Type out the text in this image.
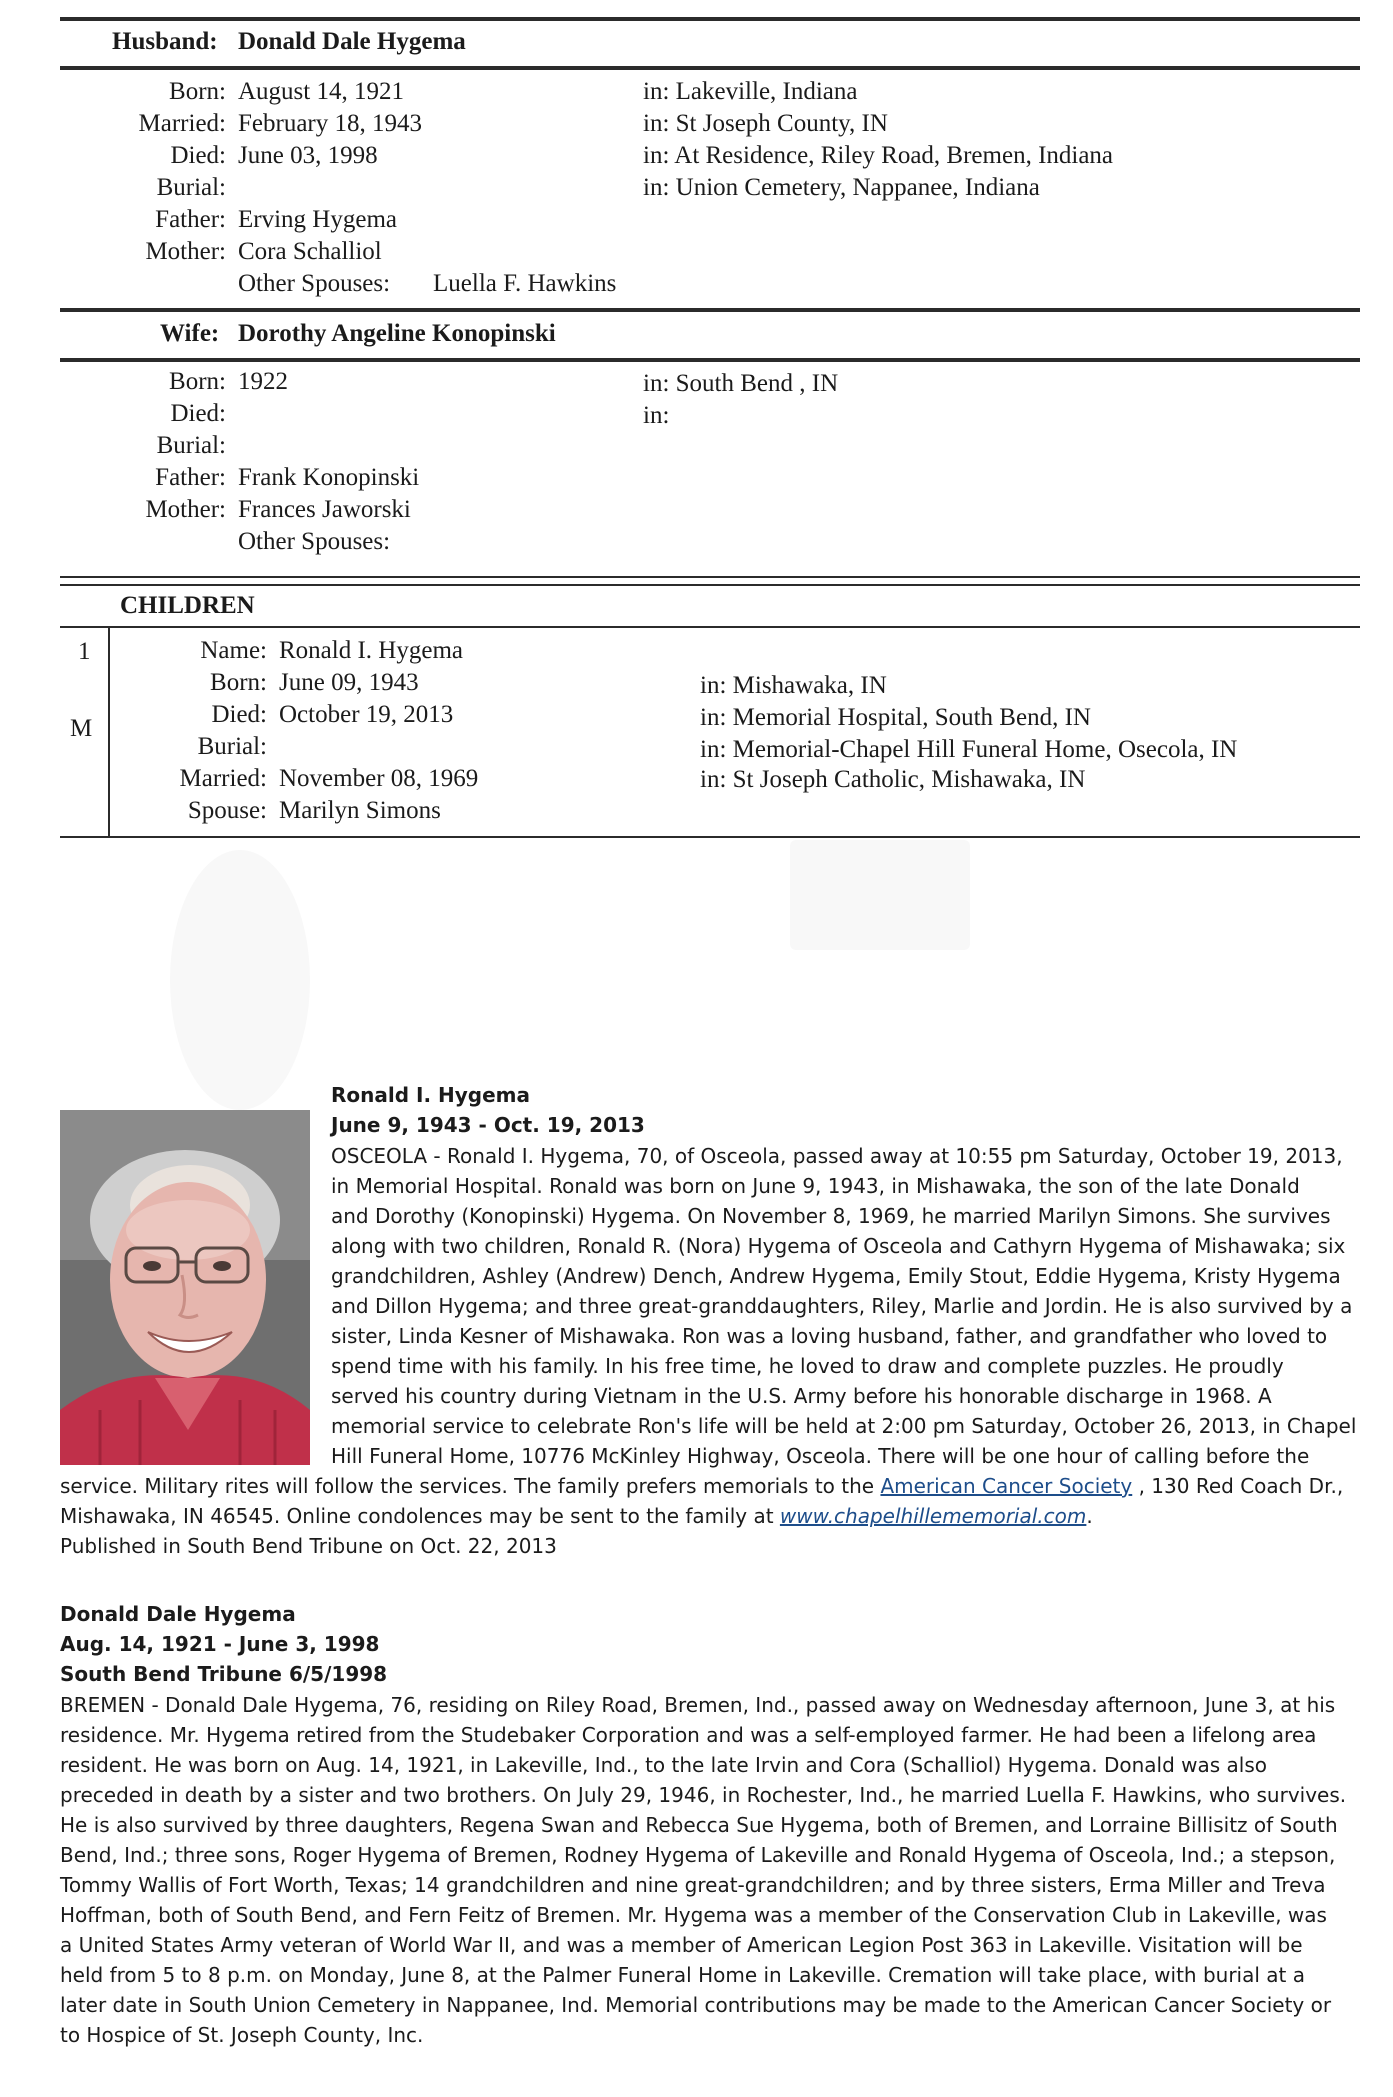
Husband: Donald Dale Hygema
Born: August 14, 1921	in: Lakeville, Indiana
Married: February 18, 1943	in: St Joseph County, IN
Died: June 03, 1998	in: At Residence, Riley Road, Bremen, Indiana
Burial:	in: Union Cemetery, Nappanee, Indiana
Father: Erving Hygema
Mother: Cora Schalliol
Other Spouses: Luella F. Hawkins
Wife: Dorothy Angeline Konopinski
Born: 1922	in: South Bend , IN
Died:	in:
Burial:
Father: Frank Konopinski
Mother: Frances Jaworski
Other Spouses:
CHILDREN
1
M
Name: Ronald I. Hygema
Born: June 09, 1943	in: Mishawaka, IN
Died: October 19, 2013	in: Memorial Hospital, South Bend, IN
Burial:	in: Memorial-Chapel Hill Funeral Home, Osecola, IN
Married: November 08, 1969	in: St Joseph Catholic, Mishawaka, IN
Spouse: Marilyn Simons
Ronald I. Hygema
June 9, 1943 - Oct. 19, 2013
OSCEOLA - Ronald I. Hygema, 70, of Osceola, passed away at 10:55 pm Saturday, October 19, 2013,
in Memorial Hospital. Ronald was born on June 9, 1943, in Mishawaka, the son of the late Donald
and Dorothy (Konopinski) Hygema. On November 8, 1969, he married Marilyn Simons. She survives
along with two children, Ronald R. (Nora) Hygema of Osceola and Cathyrn Hygema of Mishawaka; six
grandchildren, Ashley (Andrew) Dench, Andrew Hygema, Emily Stout, Eddie Hygema, Kristy Hygema
and Dillon Hygema; and three great-granddaughters, Riley, Marlie and Jordin. He is also survived by a
sister, Linda Kesner of Mishawaka. Ron was a loving husband, father, and grandfather who loved to
spend time with his family. In his free time, he loved to draw and complete puzzles. He proudly
served his country during Vietnam in the U.S. Army before his honorable discharge in 1968. A
memorial service to celebrate Ron's life will be held at 2:00 pm Saturday, October 26, 2013, in Chapel
Hill Funeral Home, 10776 McKinley Highway, Osceola. There will be one hour of calling before the
service. Military rites will follow the services. The family prefers memorials to the American Cancer Society , 130 Red Coach Dr.,
Mishawaka, IN 46545. Online condolences may be sent to the family at www.chapelhillememorial.com.
Published in South Bend Tribune on Oct. 22, 2013
Donald Dale Hygema
Aug. 14, 1921 - June 3, 1998
South Bend Tribune 6/5/1998
BREMEN - Donald Dale Hygema, 76, residing on Riley Road, Bremen, Ind., passed away on Wednesday afternoon, June 3, at his
residence. Mr. Hygema retired from the Studebaker Corporation and was a self-employed farmer. He had been a lifelong area
resident. He was born on Aug. 14, 1921, in Lakeville, Ind., to the late Irvin and Cora (Schalliol) Hygema. Donald was also
preceded in death by a sister and two brothers. On July 29, 1946, in Rochester, Ind., he married Luella F. Hawkins, who survives.
He is also survived by three daughters, Regena Swan and Rebecca Sue Hygema, both of Bremen, and Lorraine Billisitz of South
Bend, Ind.; three sons, Roger Hygema of Bremen, Rodney Hygema of Lakeville and Ronald Hygema of Osceola, Ind.; a stepson,
Tommy Wallis of Fort Worth, Texas; 14 grandchildren and nine great-grandchildren; and by three sisters, Erma Miller and Treva
Hoffman, both of South Bend, and Fern Feitz of Bremen. Mr. Hygema was a member of the Conservation Club in Lakeville, was
a United States Army veteran of World War II, and was a member of American Legion Post 363 in Lakeville. Visitation will be
held from 5 to 8 p.m. on Monday, June 8, at the Palmer Funeral Home in Lakeville. Cremation will take place, with burial at a
later date in South Union Cemetery in Nappanee, Ind. Memorial contributions may be made to the American Cancer Society or
to Hospice of St. Joseph County, Inc.
